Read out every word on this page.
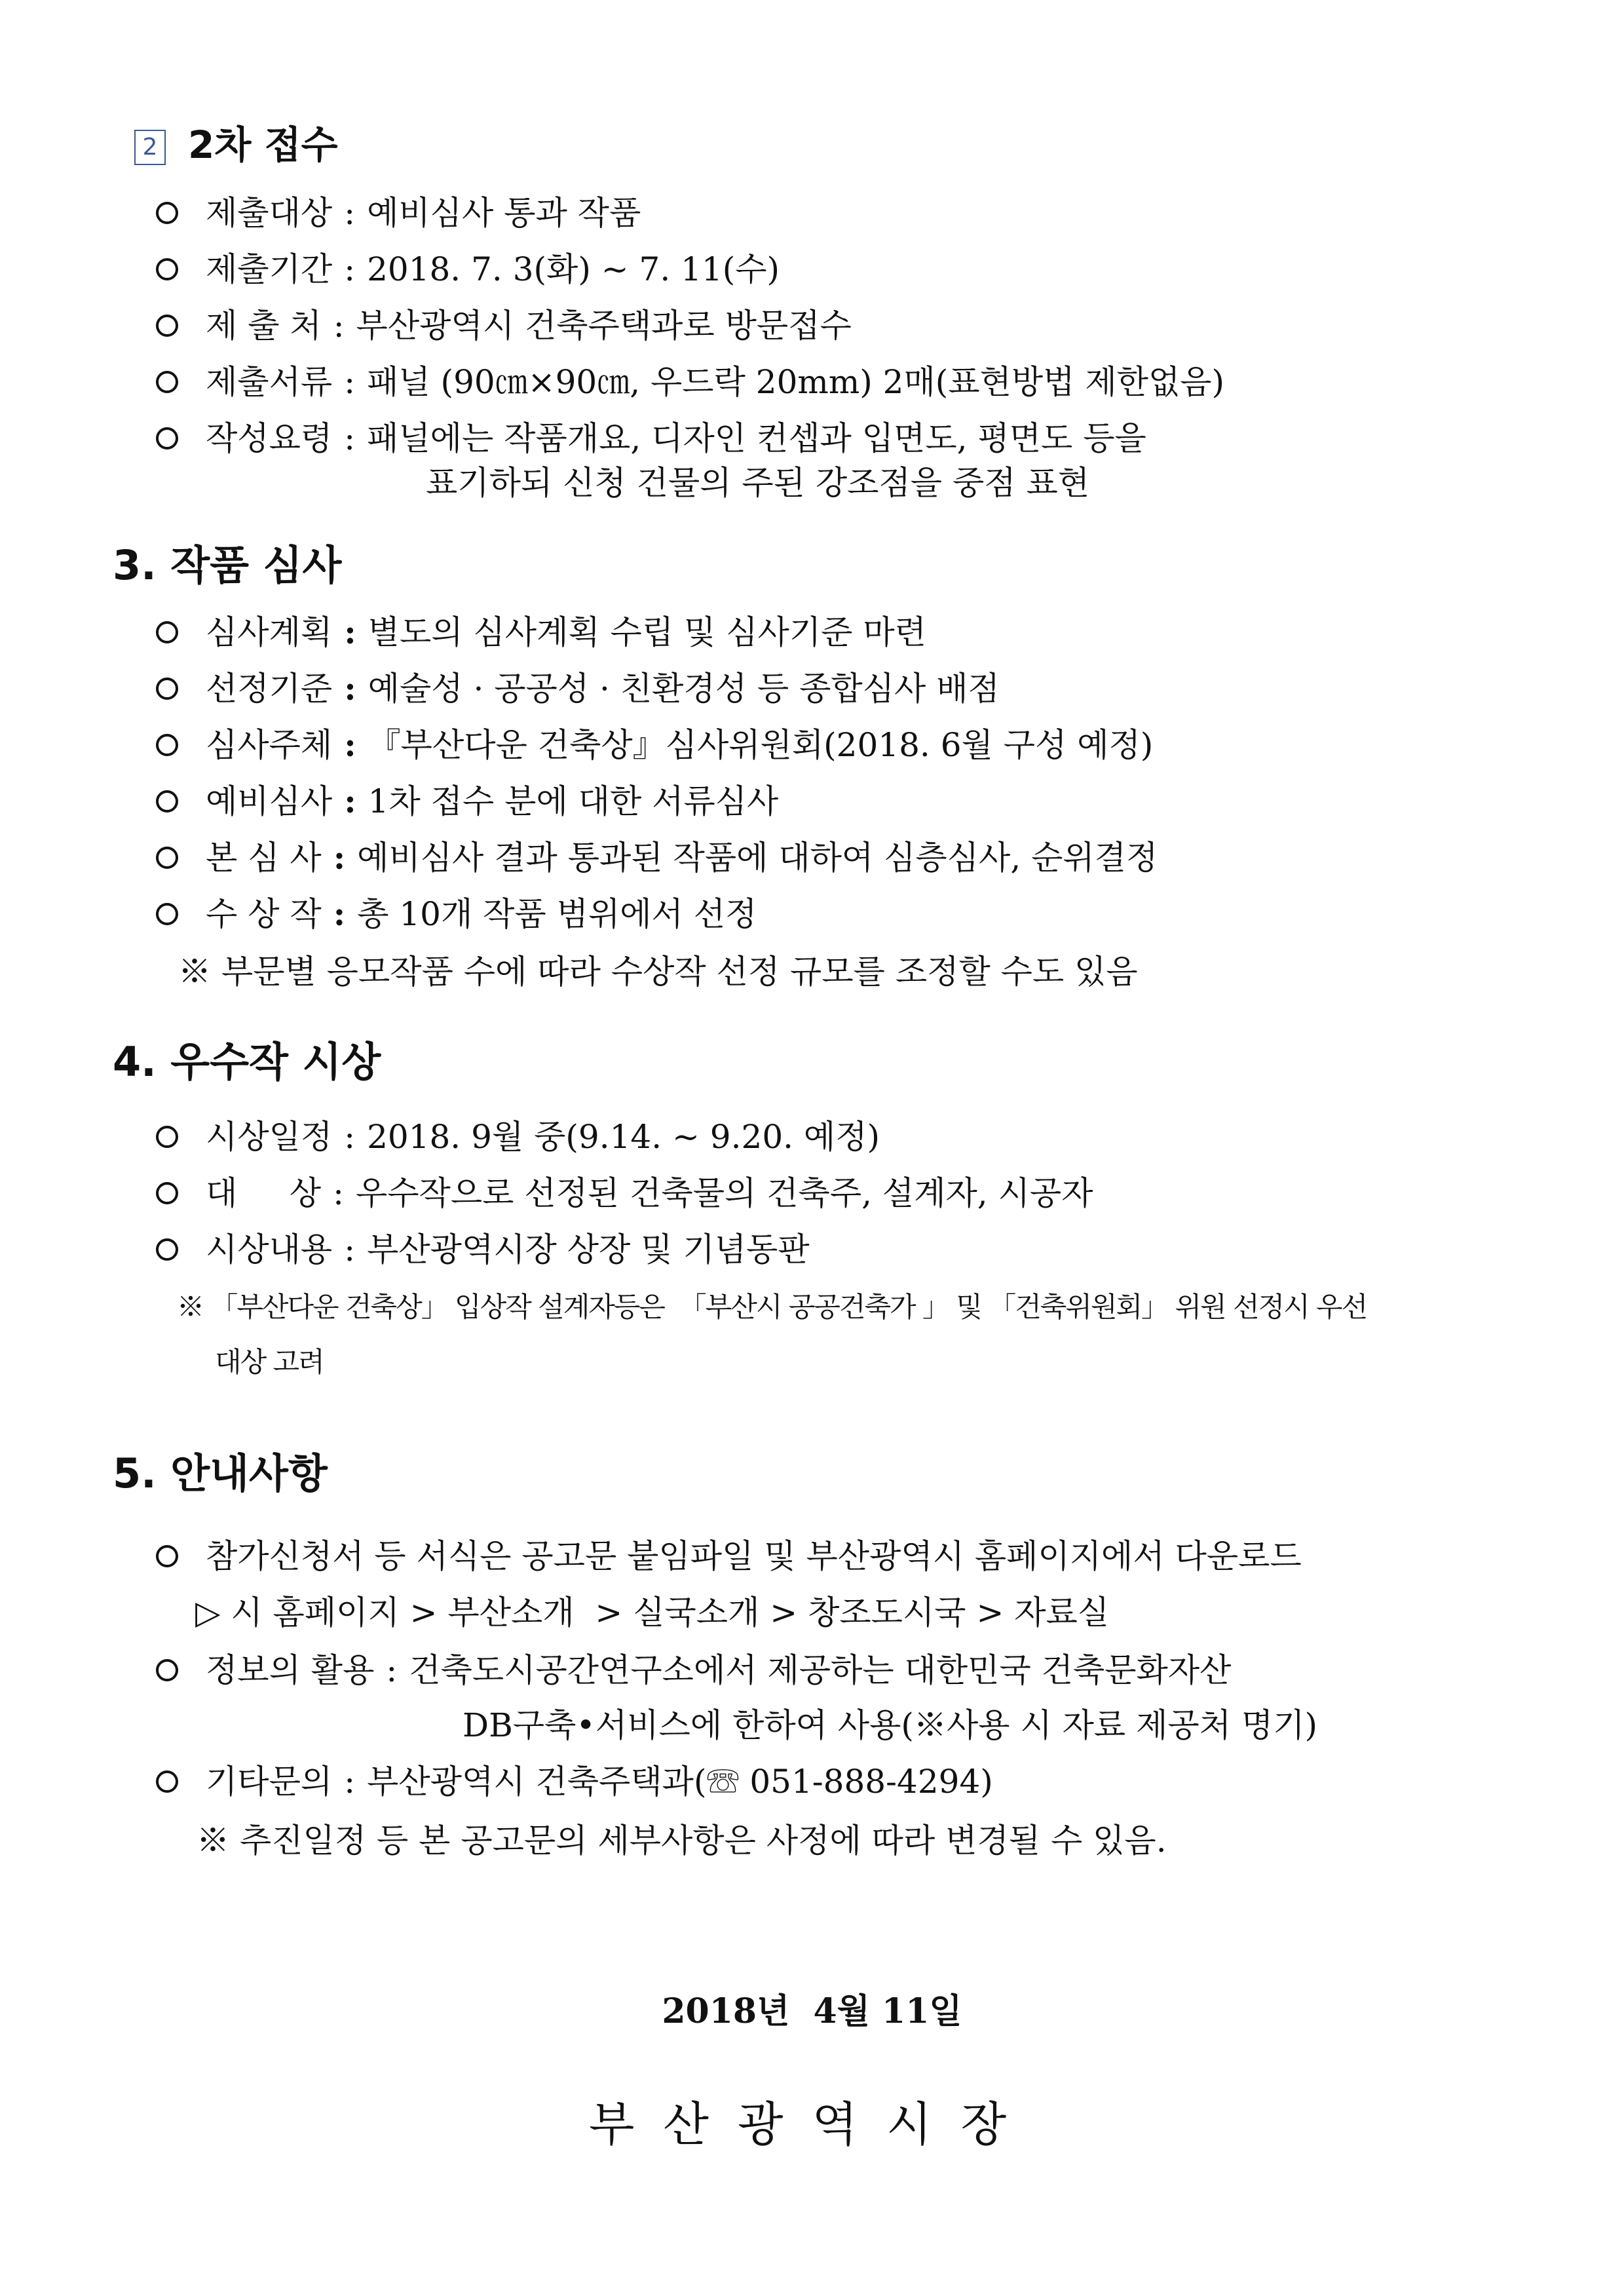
2 2차 접수
제출대상 : 예비심사 통과 작품
제출기간 : 2018. 7. 3(화) ~ 7. 11(수)
제 출 처 : 부산광역시 건축주택과로 방문접수
제출서류 : 패널 (90㎝×90㎝, 우드락 20mm) 2매(표현방법 제한없음)
작성요령 : 패널에는 작품개요, 디자인 컨셉과 입면도, 평면도 등을
표기하되 신청 건물의 주된 강조점을 중점 표현
3. 작품 심사
심사계획 : 별도의 심사계획 수립 및 심사기준 마련
선정기준 : 예술성 · 공공성 · 친환경성 등 종합심사 배점
심사주체 : 『부산다운 건축상』심사위원회(2018. 6월 구성 예정)
예비심사 : 1차 접수 분에 대한 서류심사
본 심 사 : 예비심사 결과 통과된 작품에 대하여 심층심사, 순위결정
수 상 작 : 총 10개 작품 범위에서 선정
※ 부문별 응모작품 수에 따라 수상작 선정 규모를 조정할 수도 있음
4. 우수작 시상
시상일정 : 2018. 9월 중(9.14. ~ 9.20. 예정)
대     상 : 우수작으로 선정된 건축물의 건축주, 설계자, 시공자
시상내용 : 부산광역시장 상장 및 기념동판
※ 「부산다운 건축상」 입상작 설계자등은  「부산시 공공건축가 」 및 「건축위원회」 위원 선정시 우선
대상 고려
5. 안내사항
참가신청서 등 서식은 공고문 붙임파일 및 부산광역시 홈페이지에서 다운로드
▷ 시 홈페이지 > 부산소개  > 실국소개 > 창조도시국 > 자료실
정보의 활용 : 건축도시공간연구소에서 제공하는 대한민국 건축문화자산
DB구축•서비스에 한하여 사용(※사용 시 자료 제공처 명기)
기타문의 : 부산광역시 건축주택과(☏ 051-888-4294)
※ 추진일정 등 본 공고문의 세부사항은 사정에 따라 변경될 수 있음.
2018년  4월 11일
부산광역시장
